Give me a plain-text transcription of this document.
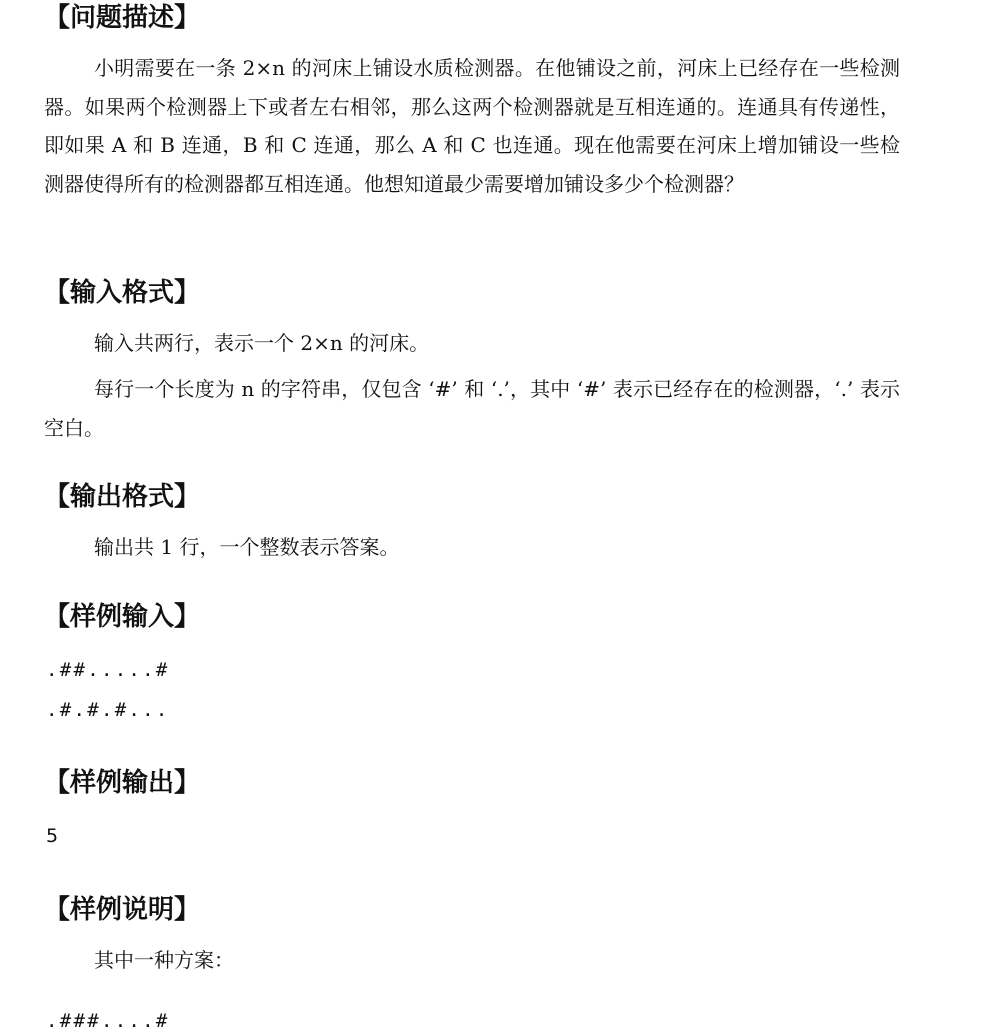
【问题描述】

小明需要在一条 2×n 的河床上铺设水质检测器。在他铺设之前，河床上已经存在一些检测器。如果两个检测器上下或者左右相邻，那么这两个检测器就是互相连通的。连通具有传递性，即如果 A 和 B 连通，B 和 C 连通，那么 A 和 C 也连通。现在他需要在河床上增加铺设一些检测器使得所有的检测器都互相连通。他想知道最少需要增加铺设多少个检测器？

【输入格式】

输入共两行，表示一个 2×n 的河床。

每行一个长度为 n 的字符串，仅包含 ‘#’ 和 ‘.’，其中 ‘#’ 表示已经存在的检测器，‘.’ 表示空白。

【输出格式】

输出共 1 行，一个整数表示答案。

【样例输入】
.##.....#
.#.#.#...
【样例输出】
5
【样例说明】

其中一种方案：

.###....#
